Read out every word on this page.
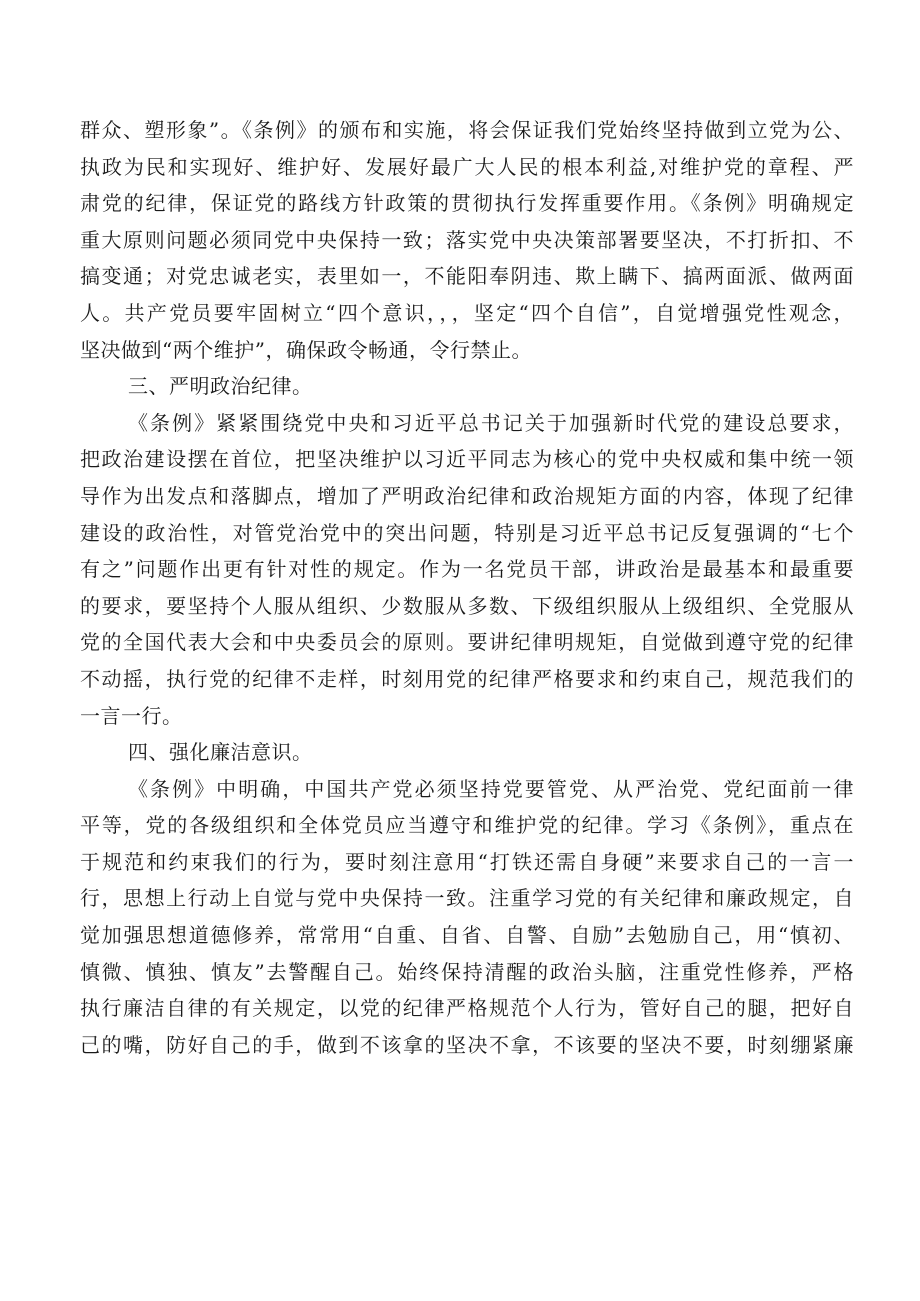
群众、塑形象”。《条例》的颁布和实施，将会保证我们党始终坚持做到立党为公、
执政为民和实现好、维护好、发展好最广大人民的根本利益,对维护党的章程、严
肃党的纪律，保证党的路线方针政策的贯彻执行发挥重要作用。《条例》明确规定
重大原则问题必须同党中央保持一致；落实党中央决策部署要坚决，不打折扣、不
搞变通；对党忠诚老实，表里如一，不能阳奉阴违、欺上瞒下、搞两面派、做两面
人。共产党员要牢固树立“四个意识，，，坚定“四个自信”，自觉增强党性观念，
坚决做到“两个维护”，确保政令畅通，令行禁止。
三、严明政治纪律。
《条例》紧紧围绕党中央和习近平总书记关于加强新时代党的建设总要求，
把政治建设摆在首位，把坚决维护以习近平同志为核心的党中央权威和集中统一领
导作为出发点和落脚点，增加了严明政治纪律和政治规矩方面的内容，体现了纪律
建设的政治性，对管党治党中的突出问题，特别是习近平总书记反复强调的“七个
有之”问题作出更有针对性的规定。作为一名党员干部，讲政治是最基本和最重要
的要求，要坚持个人服从组织、少数服从多数、下级组织服从上级组织、全党服从
党的全国代表大会和中央委员会的原则。要讲纪律明规矩，自觉做到遵守党的纪律
不动摇，执行党的纪律不走样，时刻用党的纪律严格要求和约束自己，规范我们的
一言一行。
四、强化廉洁意识。
《条例》中明确，中国共产党必须坚持党要管党、从严治党、党纪面前一律
平等，党的各级组织和全体党员应当遵守和维护党的纪律。学习《条例》，重点在
于规范和约束我们的行为，要时刻注意用“打铁还需自身硬”来要求自己的一言一
行，思想上行动上自觉与党中央保持一致。注重学习党的有关纪律和廉政规定，自
觉加强思想道德修养，常常用“自重、自省、自警、自励”去勉励自己，用“慎初、
慎微、慎独、慎友”去警醒自己。始终保持清醒的政治头脑，注重党性修养，严格
执行廉洁自律的有关规定，以党的纪律严格规范个人行为，管好自己的腿，把好自
己的嘴，防好自己的手，做到不该拿的坚决不拿，不该要的坚决不要，时刻绷紧廉
